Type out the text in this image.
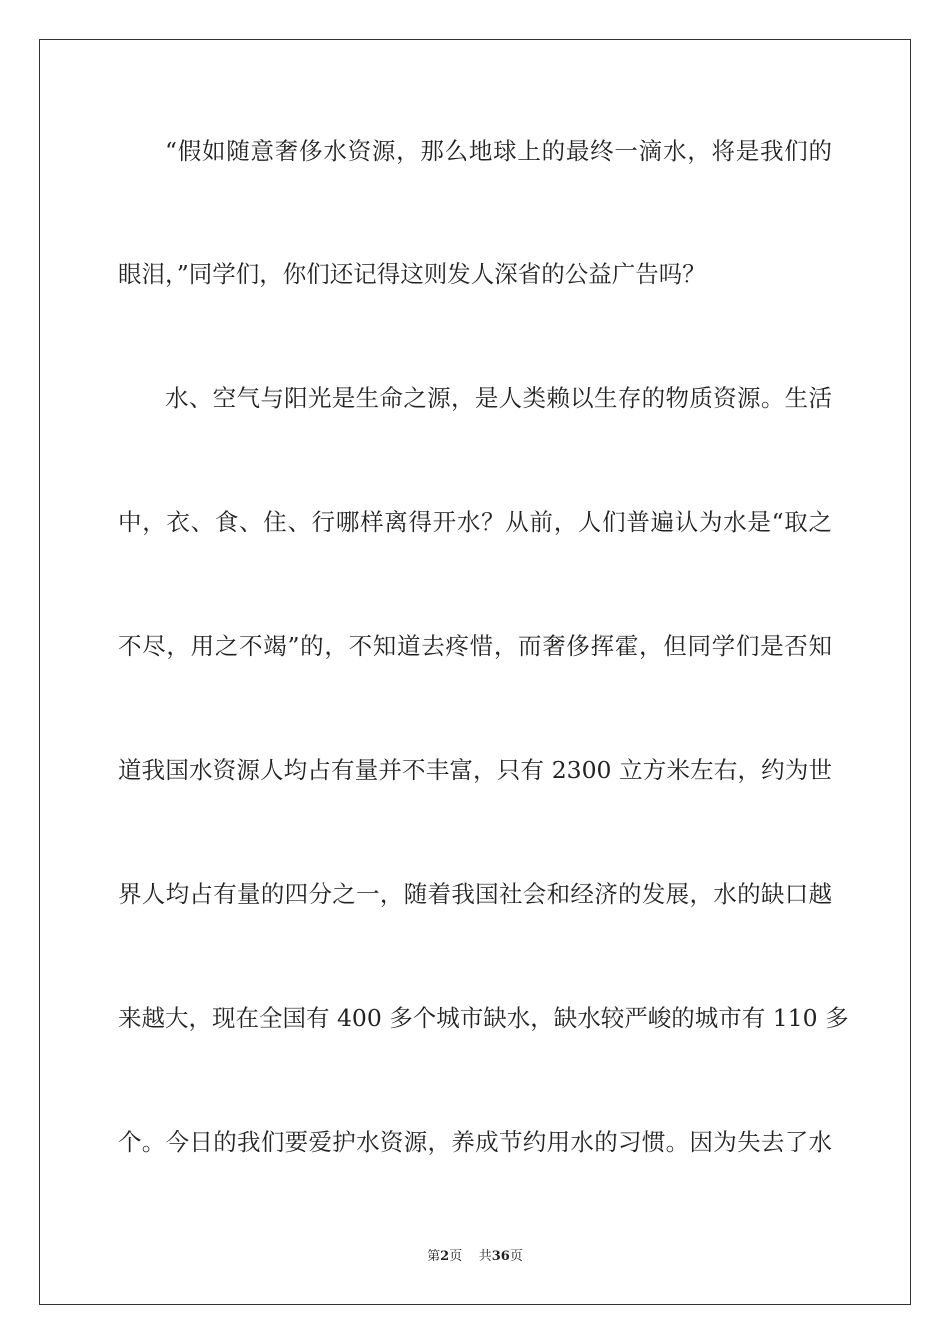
“假如随意奢侈水资源，那么地球上的最终一滴水，将是我们的
眼泪，”同学们，你们还记得这则发人深省的公益广告吗？
水、空气与阳光是生命之源，是人类赖以生存的物质资源。生活
中，衣、食、住、行哪样离得开水？从前，人们普遍认为水是“取之
不尽，用之不竭”的，不知道去疼惜，而奢侈挥霍，但同学们是否知
道我国水资源人均占有量并不丰富，只有 2300 立方米左右，约为世
界人均占有量的四分之一，随着我国社会和经济的发展，水的缺口越
来越大，现在全国有 400 多个城市缺水，缺水较严峻的城市有 110 多
个。今日的我们要爱护水资源，养成节约用水的习惯。因为失去了水
第2页 共36页
